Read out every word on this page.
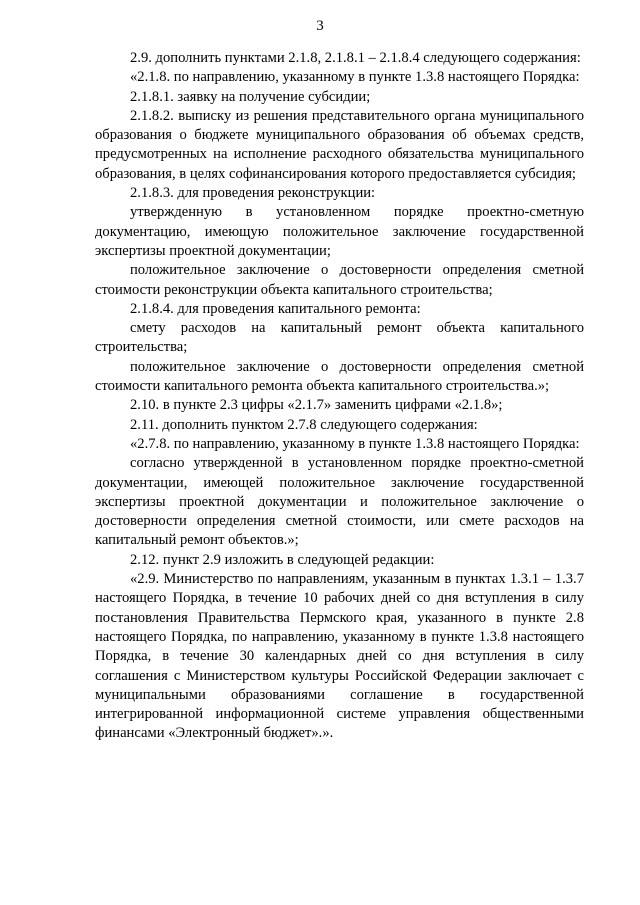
3

2.9. дополнить пунктами 2.1.8, 2.1.8.1 – 2.1.8.4 следующего содержания:

«2.1.8. по направлению, указанному в пункте 1.3.8 настоящего Порядка:

2.1.8.1. заявку на получение субсидии;

2.1.8.2. выписку из решения представительного органа муниципального образования о бюджете муниципального образования об объемах средств, предусмотренных на исполнение расходного обязательства муниципального образования, в целях софинансирования которого предоставляется субсидия;

2.1.8.3. для проведения реконструкции:

утвержденную в установленном порядке проектно-сметную документацию, имеющую положительное заключение государственной экспертизы проектной документации;

положительное заключение о достоверности определения сметной стоимости реконструкции объекта капитального строительства;

2.1.8.4. для проведения капитального ремонта:

смету расходов на капитальный ремонт объекта капитального строительства;

положительное заключение о достоверности определения сметной стоимости капитального ремонта объекта капитального строительства.»;

2.10. в пункте 2.3 цифры «2.1.7» заменить цифрами «2.1.8»;

2.11. дополнить пунктом 2.7.8 следующего содержания:

«2.7.8. по направлению, указанному в пункте 1.3.8 настоящего Порядка:

согласно утвержденной в установленном порядке проектно-сметной документации, имеющей положительное заключение государственной экспертизы проектной документации и положительное заключение о достоверности определения сметной стоимости, или смете расходов на капитальный ремонт объектов.»;

2.12. пункт 2.9 изложить в следующей редакции:

«2.9. Министерство по направлениям, указанным в пунктах 1.3.1 – 1.3.7 настоящего Порядка, в течение 10 рабочих дней со дня вступления в силу постановления Правительства Пермского края, указанного в пункте 2.8 настоящего Порядка, по направлению, указанному в пункте 1.3.8 настоящего Порядка, в течение 30 календарных дней со дня вступления в силу соглашения с Министерством культуры Российской Федерации заключает с муниципальными образованиями соглашение в государственной интегрированной информационной системе управления общественными финансами «Электронный бюджет».».
